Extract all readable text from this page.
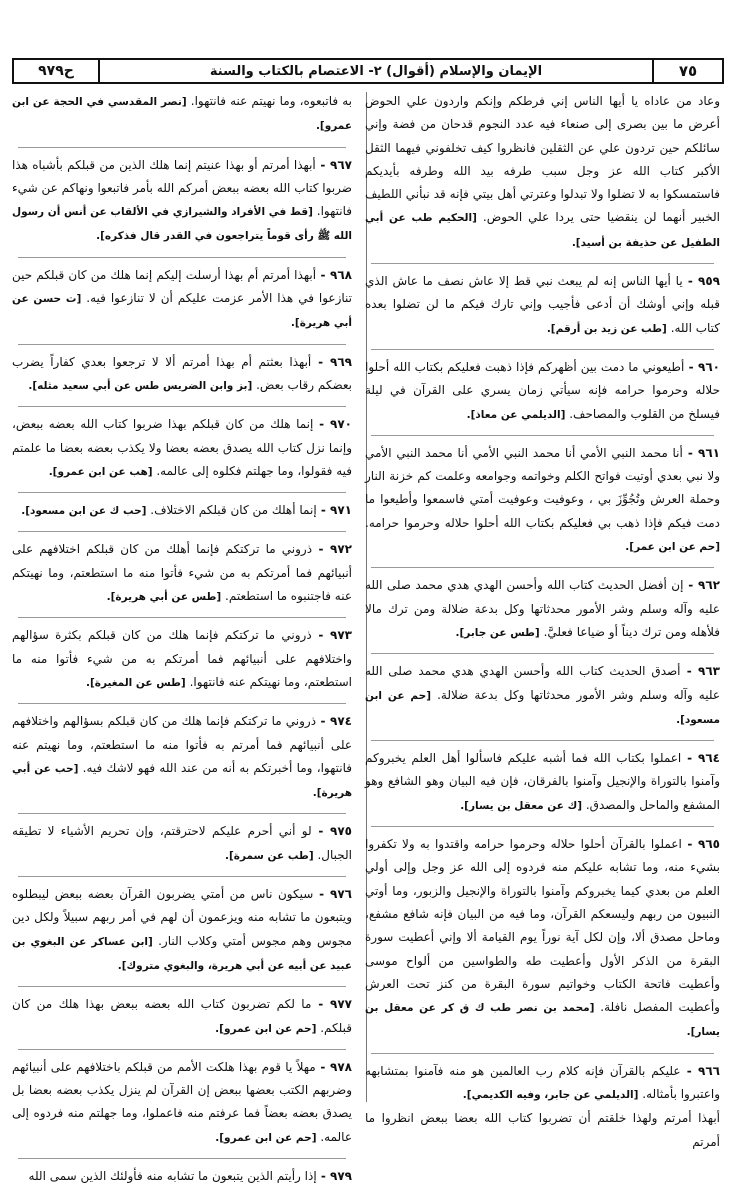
٧٥
الإيمان والإسلام (أقوال) ٢- الاعتصام بالكتاب والسنة
ح٩٧٩

وعاد من عاداه يا أيها الناس إني فرطكم وإنكم واردون علي الحوض أعرض ما بين بصرى إلى صنعاء فيه عدد النجوم قدحان من فضة وإني سائلكم حين تردون علي عن الثقلين فانظروا كيف تخلفوني فيهما الثقل الأكبر كتاب الله عز وجل سبب طرفه بيد الله وطرفه بأيديكم فاستمسكوا به لا تضلوا ولا تبدلوا وعترتي أهل بيتي فإنه قد نبأني اللطيف الخبير أنهما لن ينقضيا حتى يردا علي الحوض.[الحكيم طب عن أبي الطفيل عن حذيفة بن أسيد].

٩٥٩ - يا أيها الناس إنه لم يبعث نبي قط إلا عاش نصف ما عاش الذي قبله وإني أوشك أن أدعى فأجيب وإني تارك فيكم ما لن تضلوا بعده كتاب الله.[طب عن زيد بن أرقم].

٩٦٠ - أطيعوني ما دمت بين أظهركم فإذا ذهبت فعليكم بكتاب الله أحلوا حلاله وحرموا حرامه فإنه سيأتي زمان يسري على القرآن في ليلة فيسلخ من القلوب والمصاحف.[الديلمي عن معاذ].

٩٦١ - أنا محمد النبي الأمي أنا محمد النبي الأمي أنا محمد النبي الأمي ولا نبي بعدي أوتيت فواتح الكلم وخواتمه وجوامعه وعلمت كم خزنة النار وحملة العرش وتُجُوِّزَ بي ، وعوفيت وعوفيت أمتي فاسمعوا وأطيعوا ما دمت فيكم فإذا ذهب بي فعليكم بكتاب الله أحلوا حلاله وحرموا حرامه.[حم عن ابن عمر].

٩٦٢ - إن أفضل الحديث كتاب الله وأحسن الهدي هدي محمد صلى الله عليه وآله وسلم وشر الأمور محدثاتها وكل بدعة ضلالة ومن ترك مالا فلأهله ومن ترك ديناً أو ضياعا فعليَّ.[طس عن جابر].

٩٦٣ - أصدق الحديث كتاب الله وأحسن الهدي هدي محمد صلى الله عليه وآله وسلم وشر الأمور محدثاتها وكل بدعة ضلالة.[حم عن ابن مسعود].

٩٦٤ - اعملوا بكتاب الله فما أشبه عليكم فاسألوا أهل العلم يخبروكم وآمنوا بالتوراة والإنجيل وآمنوا بالفرقان، فإن فيه البيان وهو الشافع وهو المشفع والماحل والمصدق.[ك عن معقل بن يسار].

٩٦٥ - اعملوا بالقرآن أحلوا حلاله وحرموا حرامه واقتدوا به ولا تكفروا بشيء منه، وما تشابه عليكم منه فردوه إلى الله عز وجل وإلى أولي العلم من بعدي كيما يخبروكم وآمنوا بالتوراة والإنجيل والزبور، وما أوتي النبيون من ربهم وليسعكم القرآن، وما فيه من البيان فإنه شافع مشفع، وماحل مصدق ألا، وإن لكل آية نوراً يوم القيامة ألا وإني أعطيت سورة البقرة من الذكر الأول وأعطيت طه والطواسين من ألواح موسى وأعطيت فاتحة الكتاب وخواتيم سورة البقرة من كنز تحت العرش وأعطيت المفصل نافلة.[محمد بن نصر طب ك ق كر عن معقل بن يسار].

٩٦٦ - عليكم بالقرآن فإنه كلام رب العالمين هو منه فآمنوا بمتشابهه واعتبروا بأمثاله.[الديلمي عن جابر، وفيه الكديمي].

أبهذا أمرتم ولهذا خلقتم أن تضربوا كتاب الله بعضا ببعض انظروا ما أمرتم

به فاتبعوه، وما نهيتم عنه فانتهوا.[نصر المقدسي في الحجة عن ابن عمرو].

٩٦٧ - أبهذا أمرتم أو بهذا عنيتم إنما هلك الذين من قبلكم بأشباه هذا ضربوا كتاب الله بعضه ببعض أمركم الله بأمر فاتبعوا ونهاكم عن شيء فانتهوا.[قط في الأفراد والشيرازي في الألقاب عن أنس أن رسول الله ﷺ رأى قوماً يتراجعون في القدر قال فذكره].

٩٦٨ - أبهذا أمرتم أم بهذا أرسلت إليكم إنما هلك من كان قبلكم حين تنازعوا في هذا الأمر عزمت عليكم أن لا تنازعوا فيه.[ت حسن عن أبي هريرة].

٩٦٩ - أبهذا بعثتم أم بهذا أمرتم ألا لا ترجعوا بعدي كفاراً يضرب بعضكم رقاب بعض.[بز وابن الضريس طس عن أبي سعيد مثله].

٩٧٠ - إنما هلك من كان قبلكم بهذا ضربوا كتاب الله بعضه ببعض، وإنما نزل كتاب الله يصدق بعضه بعضا ولا يكذب بعضه بعضا ما علمتم فيه فقولوا، وما جهلتم فكلوه إلى عالمه.[هب عن ابن عمرو].

٩٧١ - إنما أهلك من كان قبلكم الاختلاف.[حب ك عن ابن مسعود].

٩٧٢ - ذروني ما تركتكم فإنما أهلك من كان قبلكم اختلافهم على أنبيائهم فما أمرتكم به من شيء فأتوا منه ما استطعتم، وما نهيتكم عنه فاجتنبوه ما استطعتم.[طس عن أبي هريرة].

٩٧٣ - ذروني ما تركتكم فإنما هلك من كان قبلكم بكثرة سؤالهم واختلافهم على أنبيائهم فما أمرتكم به من شيء فأتوا منه ما استطعتم، وما نهيتكم عنه فانتهوا.[طس عن المغيرة].

٩٧٤ - ذروني ما تركتكم فإنما هلك من كان قبلكم بسؤالهم واختلافهم على أنبيائهم فما أمرتم به فأتوا منه ما استطعتم، وما نهيتم عنه فانتهوا، وما أخبرتكم به أنه من عند الله فهو لاشك فيه.[حب عن أبي هريرة].

٩٧٥ - لو أني أحرم عليكم لاحترقتم، وإن تحريم الأشياء لا تطيقه الجبال.[طب عن سمرة].

٩٧٦ - سيكون ناس من أمتي يضربون القرآن بعضه ببعض ليبطلوه ويتبعون ما تشابه منه ويزعمون أن لهم في أمر ربهم سبيلاً ولكل دين مجوس وهم مجوس أمتي وكلاب النار.[ابن عساكر عن البغوي بن عبيد عن أبيه عن أبي هريرة، والبغوي متروك].

٩٧٧ - ما لكم تضربون كتاب الله بعضه ببعض بهذا هلك من كان قبلكم.[حم عن ابن عمرو].

٩٧٨ - مهلاً يا قوم بهذا هلكت الأمم من قبلكم باختلافهم على أنبيائهم وضربهم الكتب بعضها ببعض إن القرآن لم ينزل يكذب بعضه بعضا بل يصدق بعضه بعضاً فما عرفتم منه فاعملوا، وما جهلتم منه فردوه إلى عالمه.[حم عن ابن عمرو].

٩٧٩ - إذا رأيتم الذين يتبعون ما تشابه منه فأولئك الذين سمى الله
